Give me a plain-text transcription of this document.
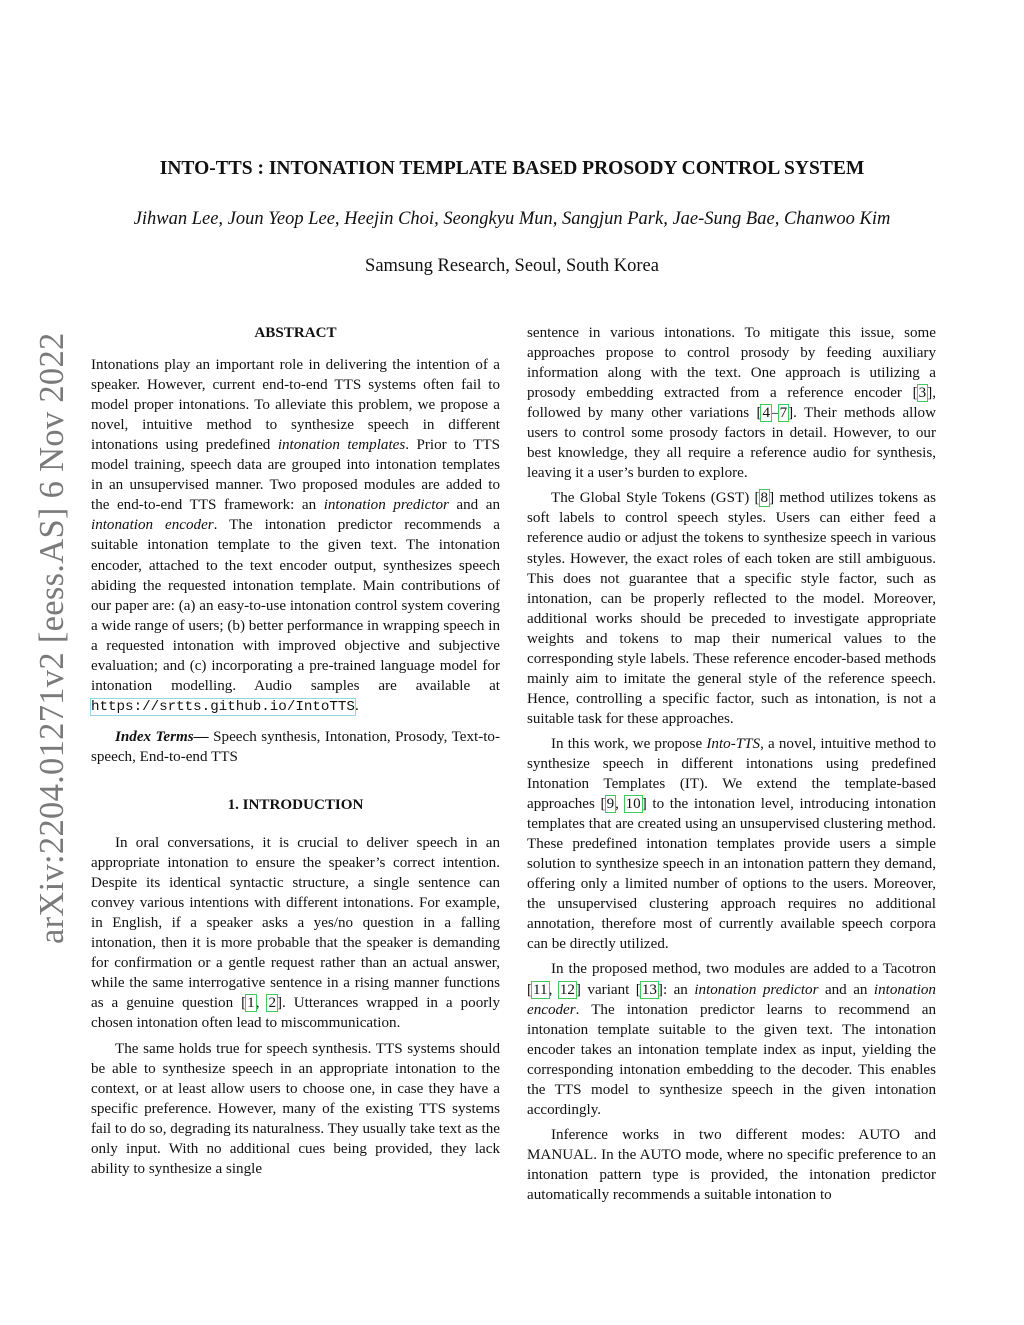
arXiv:2204.01271v2 [eess.AS] 6 Nov 2022
INTO-TTS : INTONATION TEMPLATE BASED PROSODY CONTROL SYSTEM
Jihwan Lee, Joun Yeop Lee, Heejin Choi, Seongkyu Mun, Sangjun Park, Jae-Sung Bae, Chanwoo Kim
Samsung Research, Seoul, South Korea
ABSTRACT

Intonations play an important role in delivering the intention of a speaker. However, current end-to-end TTS systems often fail to model proper intonations. To alleviate this problem, we propose a novel, intuitive method to synthesize speech in different intonations using predefined intonation templates. Prior to TTS model training, speech data are grouped into intonation templates in an unsupervised manner. Two proposed modules are added to the end-to-end TTS framework: an intonation predictor and an intonation encoder. The intonation predictor recommends a suitable intonation template to the given text. The intonation encoder, attached to the text encoder output, synthesizes speech abiding the requested intonation template. Main contributions of our paper are: (a) an easy-to-use intonation control system covering a wide range of users; (b) better performance in wrapping speech in a requested intonation with improved objective and subjective evaluation; and (c) incorporating a pre-trained language model for intonation modelling. Audio samples are available at https://srtts.github.io/IntoTTS.

Index Terms— Speech synthesis, Intonation, Prosody, Text-to-speech, End-to-end TTS

1. INTRODUCTION

In oral conversations, it is crucial to deliver speech in an appropriate intonation to ensure the speaker’s correct intention. Despite its identical syntactic structure, a single sentence can convey various intentions with different intonations. For example, in English, if a speaker asks a yes/no question in a falling intonation, then it is more probable that the speaker is demanding for confirmation or a gentle request rather than an actual answer, while the same interrogative sentence in a rising manner functions as a genuine question [1, 2]. Utterances wrapped in a poorly chosen intonation often lead to miscommunication.

The same holds true for speech synthesis. TTS systems should be able to synthesize speech in an appropriate intonation to the context, or at least allow users to choose one, in case they have a specific preference. However, many of the existing TTS systems fail to do so, degrading its naturalness. They usually take text as the only input. With no additional cues being provided, they lack ability to synthesize a single

sentence in various intonations. To mitigate this issue, some approaches propose to control prosody by feeding auxiliary information along with the text. One approach is utilizing a prosody embedding extracted from a reference encoder [3], followed by many other variations [4–7]. Their methods allow users to control some prosody factors in detail. However, to our best knowledge, they all require a reference audio for synthesis, leaving it a user’s burden to explore.

The Global Style Tokens (GST) [8] method utilizes tokens as soft labels to control speech styles. Users can either feed a reference audio or adjust the tokens to synthesize speech in various styles. However, the exact roles of each token are still ambiguous. This does not guarantee that a specific style factor, such as intonation, can be properly reflected to the model. Moreover, additional works should be preceded to investigate appropriate weights and tokens to map their numerical values to the corresponding style labels. These reference encoder-based methods mainly aim to imitate the general style of the reference speech. Hence, controlling a specific factor, such as intonation, is not a suitable task for these approaches.

In this work, we propose Into-TTS, a novel, intuitive method to synthesize speech in different intonations using predefined Intonation Templates (IT). We extend the template-based approaches [9, 10] to the intonation level, introducing intonation templates that are created using an unsupervised clustering method. These predefined intonation templates provide users a simple solution to synthesize speech in an intonation pattern they demand, offering only a limited number of options to the users. Moreover, the unsupervised clustering approach requires no additional annotation, therefore most of currently available speech corpora can be directly utilized.

In the proposed method, two modules are added to a Tacotron [11, 12] variant [13]: an intonation predictor and an intonation encoder. The intonation predictor learns to recommend an intonation template suitable to the given text. The intonation encoder takes an intonation template index as input, yielding the corresponding intonation embedding to the decoder. This enables the TTS model to synthesize speech in the given intonation accordingly.

Inference works in two different modes: AUTO and MANUAL. In the AUTO mode, where no specific preference to an intonation pattern type is provided, the intonation predictor automatically recommends a suitable intonation to
